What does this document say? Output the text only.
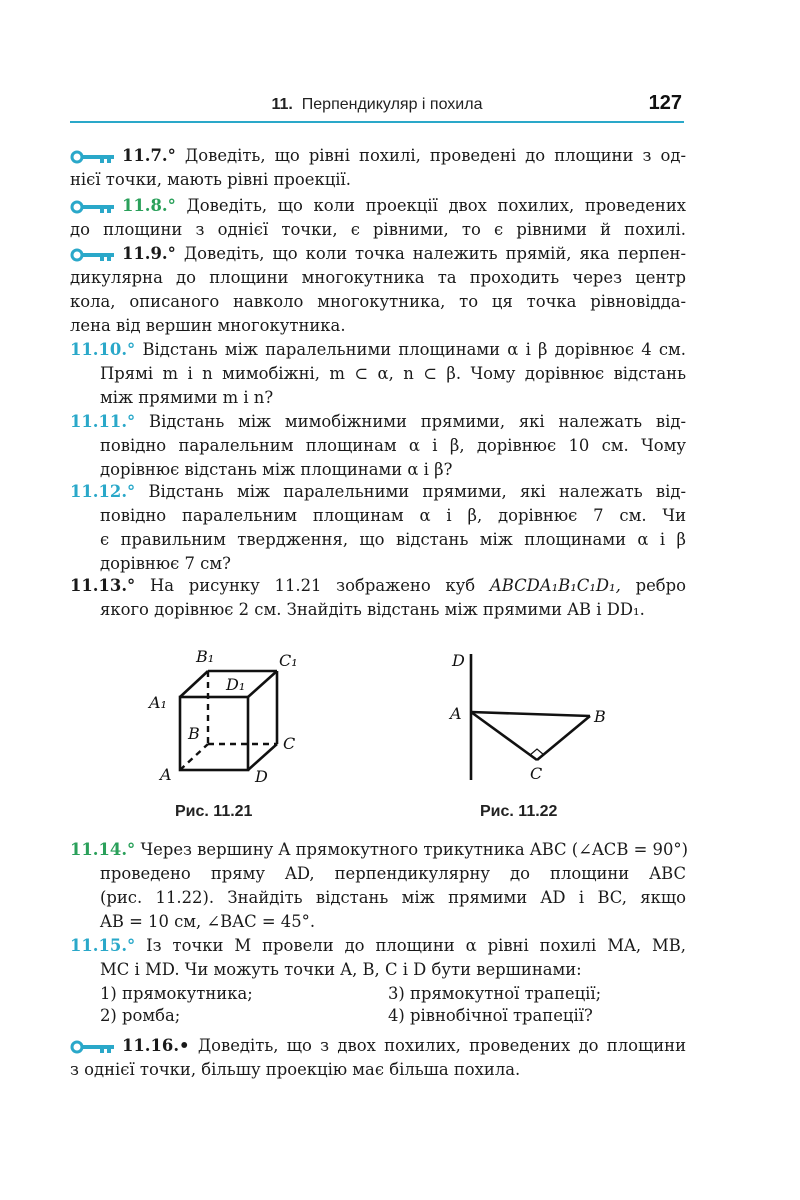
11. Перпендикуляр і похила	127
11.7.° Доведіть, що рівні похилі, проведені до площини з од-
нієї точки, мають рівні проекції.
11.8.° Доведіть, що коли проекції двох похилих, проведених
до площини з однієї точки, є рівними, то є рівними й похилі.
11.9.° Доведіть, що коли точка належить прямій, яка перпен-
дикулярна до площини многокутника та проходить через центр
кола, описаного навколо многокутника, то ця точка рівновідда-
лена від вершин многокутника.
11.10.° Відстань між паралельними площинами α і β дорівнює 4 см.
Прямі m і n мимобіжні, m ⊂ α, n ⊂ β. Чому дорівнює відстань
між прямими m і n?
11.11.° Відстань між мимобіжними прямими, які належать від-
повідно паралельним площинам α і β, дорівнює 10 см. Чому
дорівнює відстань між площинами α і β?
11.12.° Відстань між паралельними прямими, які належать від-
повідно паралельним площинам α і β, дорівнює 7 см. Чи
є правильним твердження, що відстань між площинами α і β
дорівнює 7 см?
11.13.° На рисунку 11.21 зображено куб ABCDA₁B₁C₁D₁, ребро
якого дорівнює 2 см. Знайдіть відстань між прямими AB і DD₁.
B₁	C₁
D₁
A₁
B
C
A	D
Рис. 11.21
D
A	B
C
Рис. 11.22
11.14.° Через вершину A прямокутного трикутника ABC (∠ACB = 90°)
проведено пряму AD, перпендикулярну до площини ABC
(рис. 11.22). Знайдіть відстань між прямими AD і BC, якщо
AB = 10 см, ∠BAC = 45°.
11.15.° Із точки M провели до площини α рівні похилі MA, MB,
MC і MD. Чи можуть точки A, B, C і D бути вершинами:
1) прямокутника;
2) ромба;
3) прямокутної трапеції;
4) рівнобічної трапеції?
11.16.• Доведіть, що з двох похилих, проведених до площини
з однієї точки, більшу проекцію має більша похила.
